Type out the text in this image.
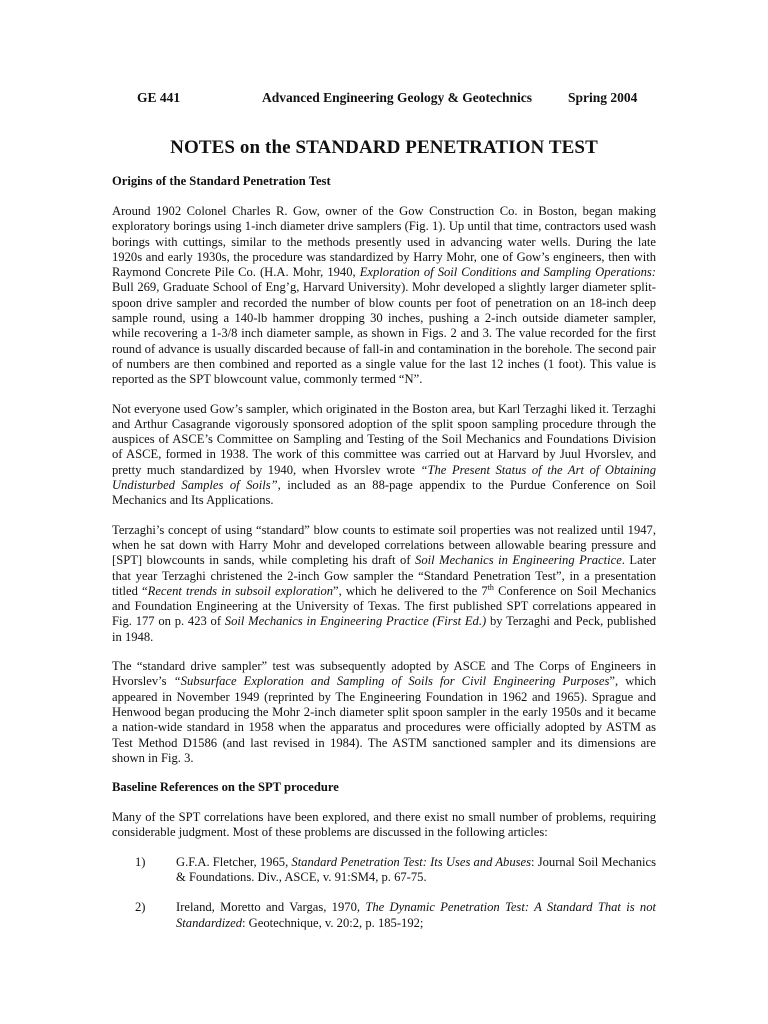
GE 441	Advanced Engineering Geology & Geotechnics	Spring 2004
NOTES on the STANDARD PENETRATION TEST
Origins of the Standard Penetration Test

Around 1902 Colonel Charles R. Gow, owner of the Gow Construction Co. in Boston, began making exploratory borings using 1-inch diameter drive samplers (Fig. 1). Up until that time, contractors used wash borings with cuttings, similar to the methods presently used in advancing water wells. During the late 1920s and early 1930s, the procedure was standardized by Harry Mohr, one of Gow’s engineers, then with Raymond Concrete Pile Co. (H.A. Mohr, 1940, Exploration of Soil Conditions and Sampling Operations: Bull 269, Graduate School of Eng’g, Harvard University). Mohr developed a slightly larger diameter split-spoon drive sampler and recorded the number of blow counts per foot of penetration on an 18-inch deep sample round, using a 140-lb hammer dropping 30 inches, pushing a 2-inch outside diameter sampler, while recovering a 1-3/8 inch diameter sample, as shown in Figs. 2 and 3. The value recorded for the first round of advance is usually discarded because of fall-in and contamination in the borehole. The second pair of numbers are then combined and reported as a single value for the last 12 inches (1 foot). This value is reported as the SPT blowcount value, commonly termed “N”.

Not everyone used Gow’s sampler, which originated in the Boston area, but Karl Terzaghi liked it. Terzaghi and Arthur Casagrande vigorously sponsored adoption of the split spoon sampling procedure through the auspices of ASCE’s Committee on Sampling and Testing of the Soil Mechanics and Foundations Division of ASCE, formed in 1938. The work of this committee was carried out at Harvard by Juul Hvorslev, and pretty much standardized by 1940, when Hvorslev wrote “The Present Status of the Art of Obtaining Undisturbed Samples of Soils”, included as an 88-page appendix to the Purdue Conference on Soil Mechanics and Its Applications.

Terzaghi’s concept of using “standard” blow counts to estimate soil properties was not realized until 1947, when he sat down with Harry Mohr and developed correlations between allowable bearing pressure and [SPT] blowcounts in sands, while completing his draft of Soil Mechanics in Engineering Practice. Later that year Terzaghi christened the 2-inch Gow sampler the “Standard Penetration Test”, in a presentation titled “Recent trends in subsoil exploration”, which he delivered to the 7th Conference on Soil Mechanics and Foundation Engineering at the University of Texas. The first published SPT correlations appeared in Fig. 177 on p. 423 of Soil Mechanics in Engineering Practice (First Ed.) by Terzaghi and Peck, published in 1948.

The “standard drive sampler” test was subsequently adopted by ASCE and The Corps of Engineers in Hvorslev’s “Subsurface Exploration and Sampling of Soils for Civil Engineering Purposes”, which appeared in November 1949 (reprinted by The Engineering Foundation in 1962 and 1965). Sprague and Henwood began producing the Mohr 2-inch diameter split spoon sampler in the early 1950s and it became a nation-wide standard in 1958 when the apparatus and procedures were officially adopted by ASTM as Test Method D1586 (and last revised in 1984). The ASTM sanctioned sampler and its dimensions are shown in Fig. 3.

Baseline References on the SPT procedure

Many of the SPT correlations have been explored, and there exist no small number of problems, requiring considerable judgment. Most of these problems are discussed in the following articles:

1)	G.F.A. Fletcher, 1965, Standard Penetration Test: Its Uses and Abuses: Journal Soil Mechanics & Foundations. Div., ASCE, v. 91:SM4, p. 67-75.
2)	Ireland, Moretto and Vargas, 1970, The Dynamic Penetration Test: A Standard That is not Standardized: Geotechnique, v. 20:2, p. 185-192;
